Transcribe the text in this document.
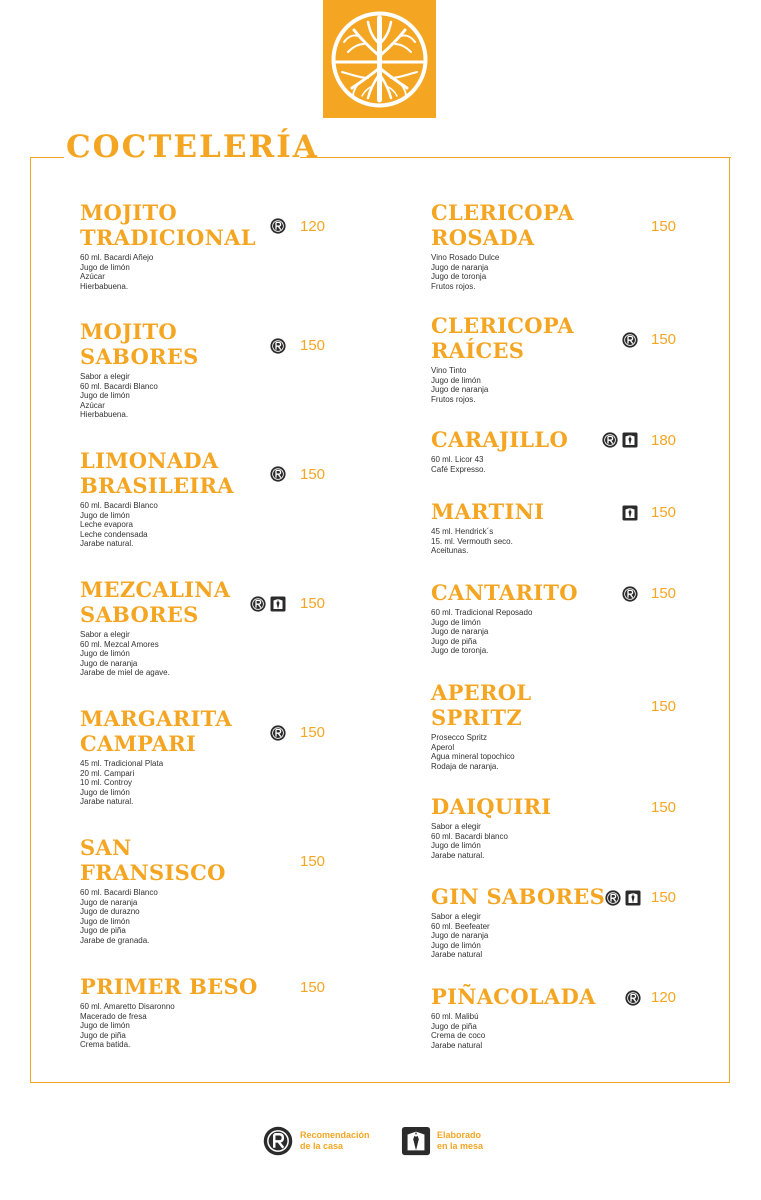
COCTELERÍA
MOJITO
TRADICIONAL
60 ml. Bacardi Añejo
Jugo de limón
Azúcar
Hierbabuena.
120
MOJITO
SABORES
Sabor a elegir
60 ml. Bacardi Blanco
Jugo de limón
Azúcar
Hierbabuena.
150
LIMONADA
BRASILEIRA
60 ml. Bacardi Blanco
Jugo de limón
Leche evapora
Leche condensada
Jarabe natural.
150
MEZCALINA
SABORES
Sabor a elegir
60 ml. Mezcal Amores
Jugo de limón
Jugo de naranja
Jarabe de miel de agave.
150
MARGARITA
CAMPARI
45 ml. Tradicional Plata
20 ml. Campari
10 ml. Controy
Jugo de limón
Jarabe natural.
150
SAN
FRANSISCO
60 ml. Bacardi Blanco
Jugo de naranja
Jugo de durazno
Jugo de limón
Jugo de piña
Jarabe de granada.
150
PRIMER BESO
60 ml. Amaretto Disaronno
Macerado de fresa
Jugo de limón
Jugo de piña
Crema batida.
150
CLERICOPA
ROSADA
Vino Rosado Dulce
Jugo de naranja
Jugo de toronja
Frutos rojos.
150
CLERICOPA
RAÍCES
Vino Tinto
Jugo de limón
Jugo de naranja
Frutos rojos.
150
CARAJILLO
60 ml. Licor 43
Café Expresso.
180
MARTINI
45 ml. Hendrick´s
15. ml. Vermouth seco.
Aceitunas.
150
CANTARITO
60 ml. Tradicional Reposado
Jugo de limón
Jugo de naranja
Jugo de piña
Jugo de toronja.
150
APEROL
SPRITZ
Prosecco Spritz
Aperol
Agua mineral topochico
Rodaja de naranja.
150
DAIQUIRI
Sabor a elegir
60 ml. Bacardi blanco
Jugo de limón
Jarabe natural.
150
GIN SABORES
Sabor a elegir
60 ml. Beefeater
Jugo de naranja
Jugo de limón
Jarabe natural
150
PIÑACOLADA
60 ml. Malibú
Jugo de piña
Crema de coco
Jarabe natural
120
Recomendación
de la casa
Elaborado
en la mesa
